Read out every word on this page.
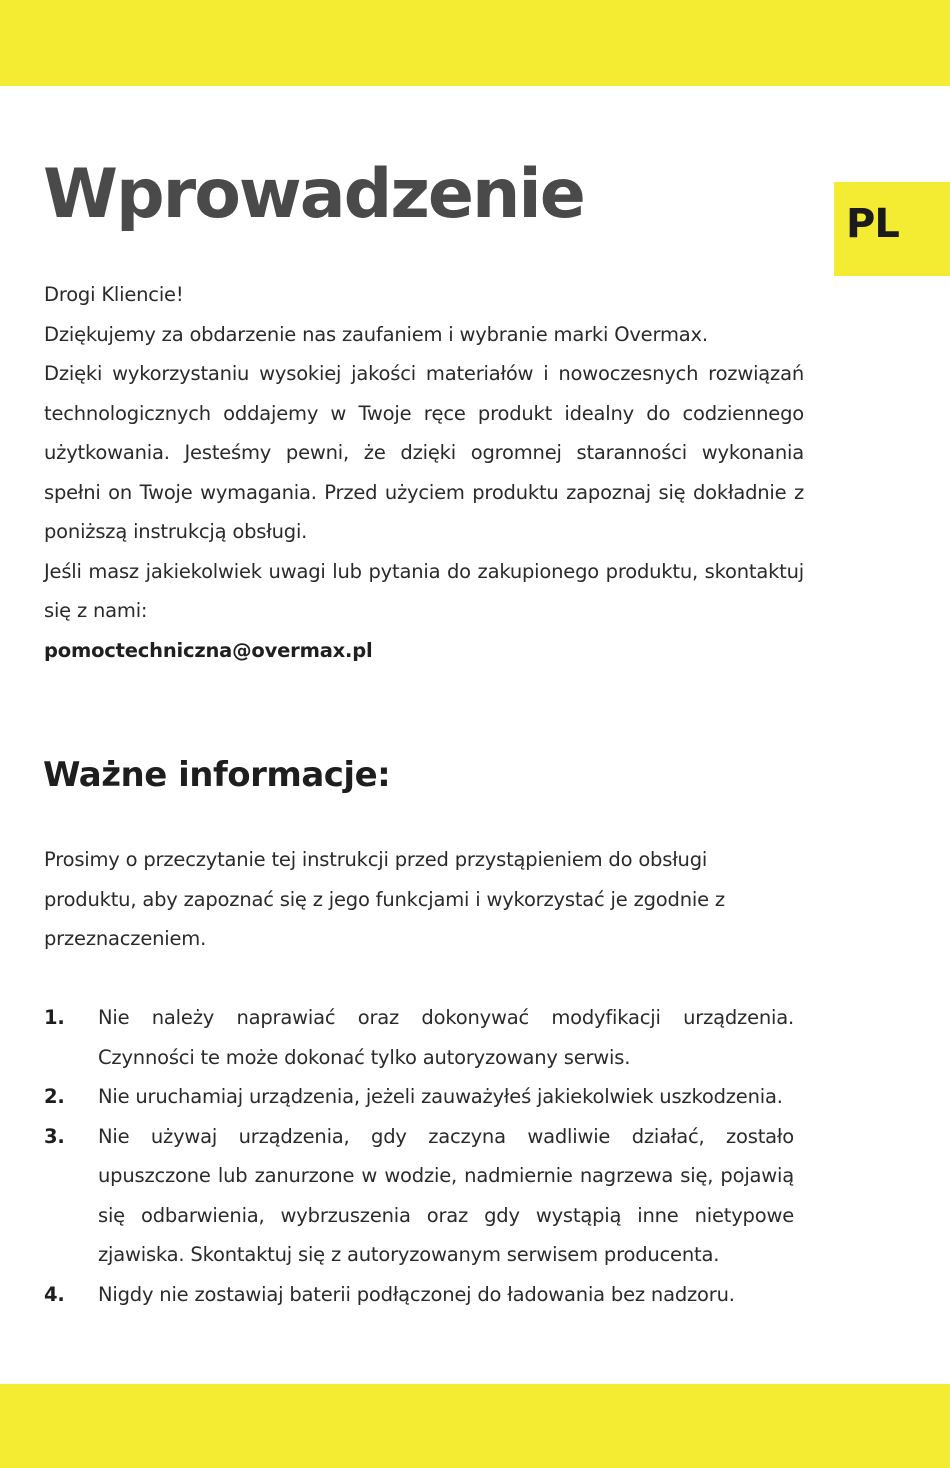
PL
Wprowadzenie

Drogi Kliencie!

Dziękujemy za obdarzenie nas zaufaniem i wybranie marki Overmax.

Dzięki wykorzystaniu wysokiej jakości materiałów i nowoczesnych rozwiązań technologicznych oddajemy w Twoje ręce produkt idealny do codziennego użytkowania. Jesteśmy pewni, że dzięki ogromnej staranności wykonania spełni on Twoje wymagania. Przed użyciem produktu zapoznaj się dokładnie z poniższą instrukcją obsługi.

Jeśli masz jakiekolwiek uwagi lub pytania do zakupionego produktu, skontaktuj się z nami:

pomoctechniczna@overmax.pl

Ważne informacje:

Prosimy o przeczytanie tej instrukcji przed przystąpieniem do obsługi produktu, aby zapoznać się z jego funkcjami i wykorzystać je zgodnie z przeznaczeniem.

1. Nie należy naprawiać oraz dokonywać modyfikacji urządzenia. Czynności te może dokonać tylko autoryzowany serwis.
2. Nie uruchamiaj urządzenia, jeżeli zauważyłeś jakiekolwiek uszkodzenia.
3. Nie używaj urządzenia, gdy zaczyna wadliwie działać, zostało upuszczone lub zanurzone w wodzie, nadmiernie nagrzewa się, pojawią się odbarwienia, wybrzuszenia oraz gdy wystąpią inne nietypowe zjawiska. Skontaktuj się z autoryzowanym serwisem producenta.
4. Nigdy nie zostawiaj baterii podłączonej do ładowania bez nadzoru.
